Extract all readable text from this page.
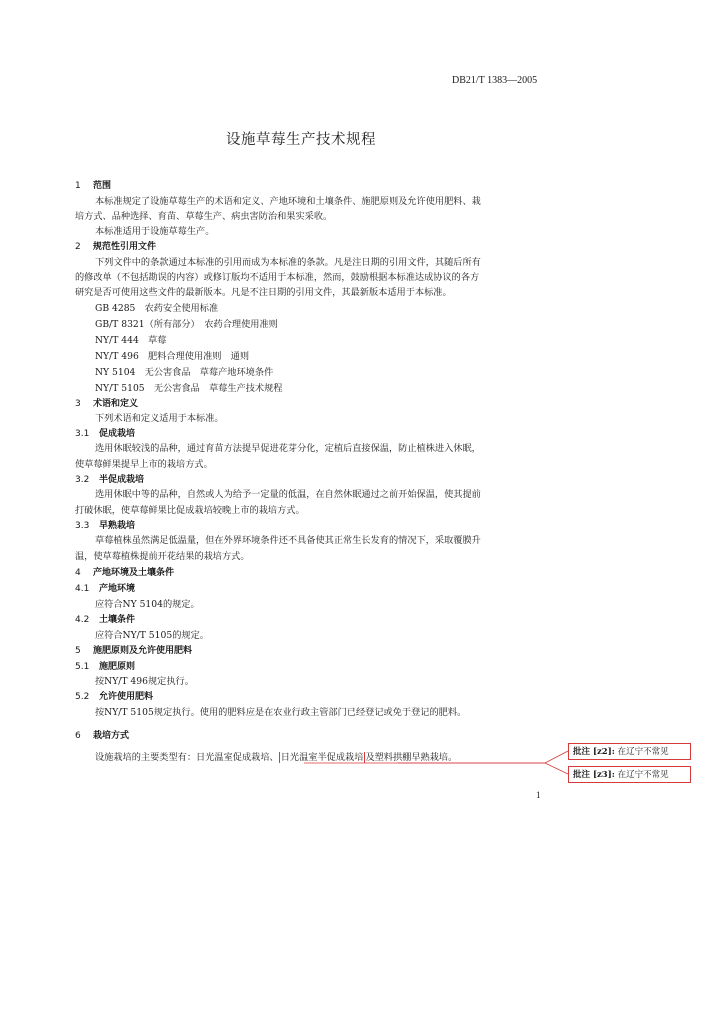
DB21/T 1383—2005
设施草莓生产技术规程
1 范围
本标准规定了设施草莓生产的术语和定义、产地环境和土壤条件、施肥原则及允许使用肥料、栽
培方式、品种选择、育苗、草莓生产、病虫害防治和果实采收。
本标准适用于设施草莓生产。
2 规范性引用文件
下列文件中的条款通过本标准的引用而成为本标准的条款。凡是注日期的引用文件，其随后所有
的修改单（不包括勘误的内容）或修订版均不适用于本标准，然而，鼓励根据本标准达成协议的各方
研究是否可使用这些文件的最新版本。凡是不注日期的引用文件，其最新版本适用于本标准。
GB 4285　 农药安全使用标准
GB/T 8321（所有部分）　 农药合理使用准则
NY/T 444　 草莓
NY/T 496　 肥料合理使用准则　通则
NY 5104　 无公害食品　草莓产地环境条件
NY/T 5105　 无公害食品　草莓生产技术规程
3 术语和定义
下列术语和定义适用于本标准。
3.1 促成栽培
选用休眠较浅的品种，通过育苗方法提早促进花芽分化，定植后直接保温，防止植株进入休眠，
使草莓鲜果提早上市的栽培方式。
3.2 半促成栽培
选用休眠中等的品种，自然或人为给予一定量的低温，在自然休眠通过之前开始保温，使其提前
打破休眠，使草莓鲜果比促成栽培较晚上市的栽培方式。
3.3 早熟栽培
草莓植株虽然满足低温量，但在外界环境条件还不具备使其正常生长发育的情况下，采取覆膜升
温，使草莓植株提前开花结果的栽培方式。
4 产地环境及土壤条件
4.1 产地环境
应符合NY 5104的规定。
4.2 土壤条件
应符合NY/T 5105的规定。
5 施肥原则及允许使用肥料
5.1 施肥原则
按NY/T 496规定执行。
5.2 允许使用肥料
按NY/T 5105规定执行。使用的肥料应是在农业行政主管部门已经登记或免于登记的肥料。
6 栽培方式
设施栽培的主要类型有：日光温室促成栽培、 日光温室半促成栽培 及塑料拱棚早熟栽培。	批注 [z2]: 在辽宁不常见
批注 [z3]: 在辽宁不常见
1
